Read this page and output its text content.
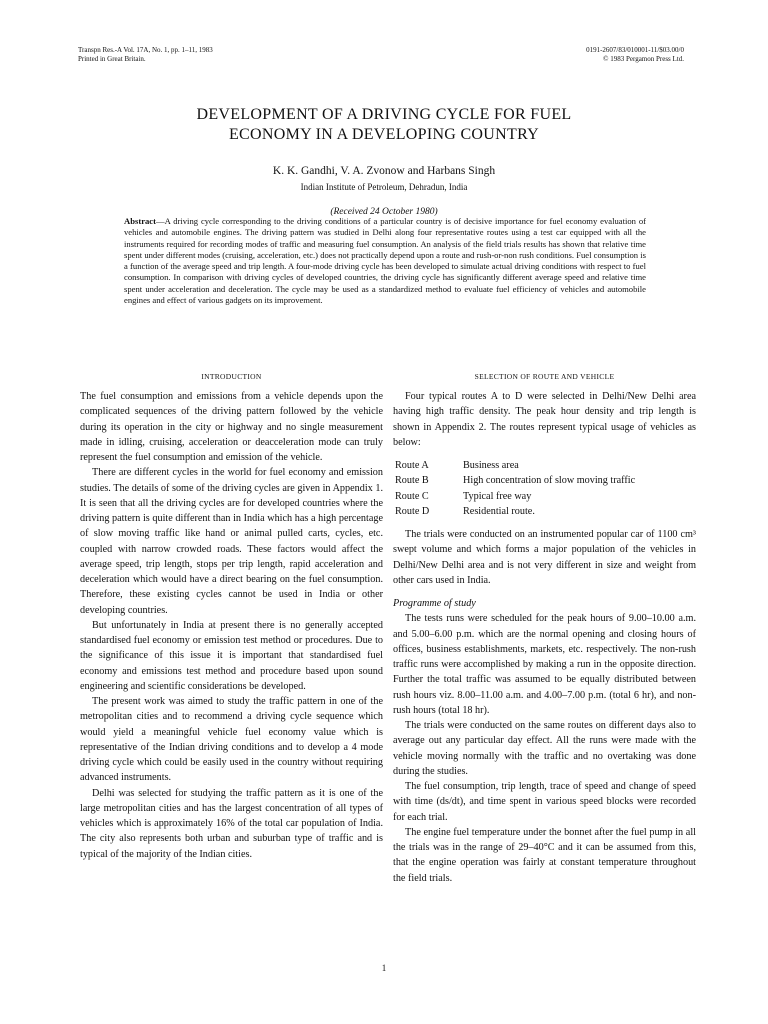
Transpn Res.-A Vol. 17A, No. 1, pp. 1–11, 1983
Printed in Great Britain.
0191-2607/83/010001-11/$03.00/0
© 1983 Pergamon Press Ltd.
DEVELOPMENT OF A DRIVING CYCLE FOR FUEL
ECONOMY IN A DEVELOPING COUNTRY
K. K. Gandhi, V. A. Zvonow and Harbans Singh
Indian Institute of Petroleum, Dehradun, India
(Received 24 October 1980)
Abstract—A driving cycle corresponding to the driving conditions of a particular country is of decisive importance for fuel economy evaluation of vehicles and automobile engines. The driving pattern was studied in Delhi along four representative routes using a test car equipped with all the instruments required for recording modes of traffic and measuring fuel consumption. An analysis of the field trials results has shown that relative time spent under different modes (cruising, acceleration, etc.) does not practically depend upon a route and rush-or-non rush conditions. Fuel consumption is a function of the average speed and trip length. A four-mode driving cycle has been developed to simulate actual driving conditions with respect to fuel consumption. In comparison with driving cycles of developed countries, the driving cycle has significantly different average speed and relative time spent under acceleration and deceleration. The cycle may be used as a standardized method to evaluate fuel efficiency of vehicles and automobile engines and effect of various gadgets on its improvement.
INTRODUCTION

The fuel consumption and emissions from a vehicle depends upon the complicated sequences of the driving pattern followed by the vehicle during its operation in the city or highway and no single measurement made in idling, cruising, acceleration or deacceleration mode can truly represent the fuel consumption and emission of the vehicle.

There are different cycles in the world for fuel economy and emission studies. The details of some of the driving cycles are given in Appendix 1. It is seen that all the driving cycles are for developed countries where the driving pattern is quite different than in India which has a high percentage of slow moving traffic like hand or animal pulled carts, cycles, etc. coupled with narrow crowded roads. These factors would affect the average speed, trip length, stops per trip length, rapid acceleration and deceleration which would have a direct bearing on the fuel consumption. Therefore, these existing cycles cannot be used in India or other developing countries.

But unfortunately in India at present there is no generally accepted standardised fuel economy or emission test method or procedures. Due to the significance of this issue it is important that standardised fuel economy and emissions test method and procedure based upon sound engineering and scientific considerations be developed.

The present work was aimed to study the traffic pattern in one of the metropolitan cities and to recommend a driving cycle sequence which would yield a meaningful vehicle fuel economy value which is representative of the Indian driving conditions and to develop a 4 mode driving cycle which could be easily used in the country without requiring advanced instruments.

Delhi was selected for studying the traffic pattern as it is one of the large metropolitan cities and has the largest concentration of all types of vehicles which is approximately 16% of the total car population of India. The city also represents both urban and suburban type of traffic and is typical of the majority of the Indian cities.

SELECTION OF ROUTE AND VEHICLE

Four typical routes A to D were selected in Delhi/New Delhi area having high traffic density. The peak hour density and trip length is shown in Appendix 2. The routes represent typical usage of vehicles as below:

Route A	Business area
Route B	High concentration of slow moving traffic
Route C	Typical free way
Route D	Residential route.

The trials were conducted on an instrumented popular car of 1100 cm³ swept volume and which forms a major population of the vehicles in Delhi/New Delhi area and is not very different in size and weight from other cars used in India.

Programme of study

The tests runs were scheduled for the peak hours of 9.00–10.00 a.m. and 5.00–6.00 p.m. which are the normal opening and closing hours of offices, business establishments, markets, etc. respectively. The non-rush traffic runs were accomplished by making a run in the opposite direction. Further the total traffic was assumed to be equally distributed between rush hours viz. 8.00–11.00 a.m. and 4.00–7.00 p.m. (total 6 hr), and non-rush hours (total 18 hr).

The trials were conducted on the same routes on different days also to average out any particular day effect. All the runs were made with the vehicle moving normally with the traffic and no overtaking was done during the studies.

The fuel consumption, trip length, trace of speed and change of speed with time (ds/dt), and time spent in various speed blocks were recorded for each trial.

The engine fuel temperature under the bonnet after the fuel pump in all the trials was in the range of 29–40°C and it can be assumed from this, that the engine operation was fairly at constant temperature throughout the field trials.

1
